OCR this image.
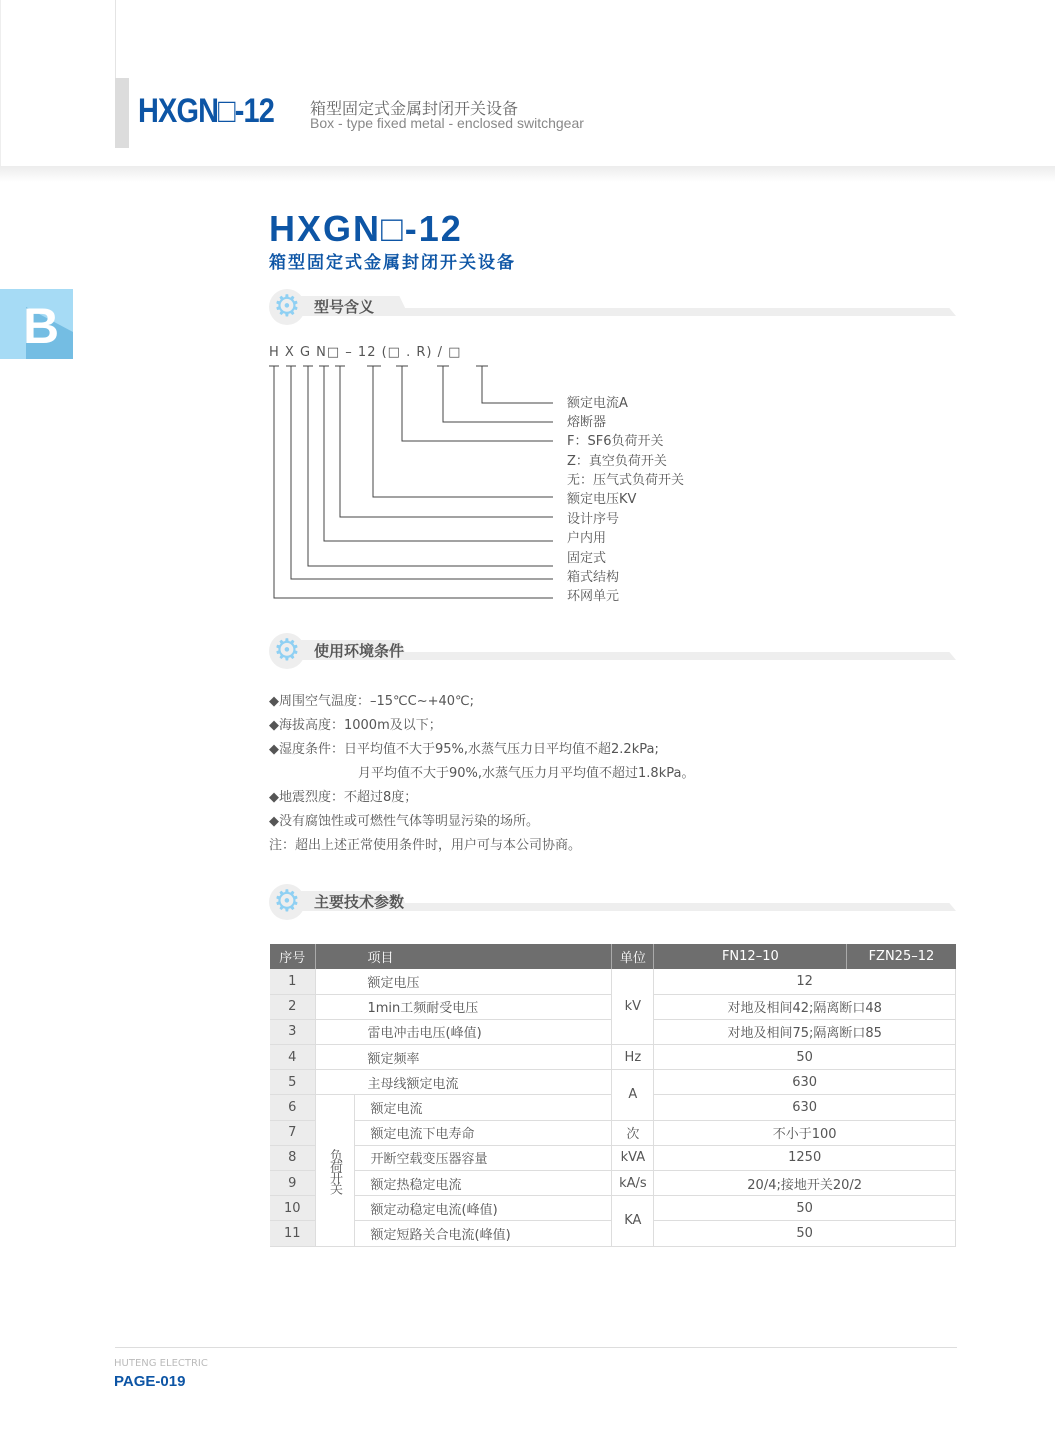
HXGN□-12 箱型固定式金属封闭开关设备
Box - type fixed metal - enclosed switchgear
B
HXGN□-12
箱型固定式金属封闭开关设备
⚙ 型号含义
H X G N□ – 12 (□ . R) / □
额定电流A
熔断器
F：SF6负荷开关
Z：真空负荷开关
无：压气式负荷开关
额定电压KV
设计序号
户内用
固定式
箱式结构
环网单元
⚙ 使用环境条件
◆周围空气温度：–15℃C~+40℃;
◆海拔高度：1000m及以下；
◆湿度条件：日平均值不大于95%,水蒸气压力日平均值不超2.2kPa;
月平均值不大于90%,水蒸气压力月平均值不超过1.8kPa。
◆地震烈度：不超过8度；
◆没有腐蚀性或可燃性气体等明显污染的场所。
注：超出上述正常使用条件时，用户可与本公司协商。
⚙ 主要技术参数
序号	项目		单位	FN12–10	FZN25–12
1	额定电压		kV	12	
2	1min工频耐受电压			对地及相间42;隔离断口48	
3	雷电冲击电压(峰值)			对地及相间75;隔离断口85	
4	额定频率		Hz	50	
5	主母线额定电流		A	630	
6	负荷开关	额定电流		630	
7		额定电流下电寿命	次	不小于100	
8		开断空载变压器容量	kVA	1250	
9		额定热稳定电流	kA/s	20/4;接地开关20/2	
10		额定动稳定电流(峰值)	KA	50	
11		额定短路关合电流(峰值)		50	
HUTENG ELECTRIC
PAGE-019
